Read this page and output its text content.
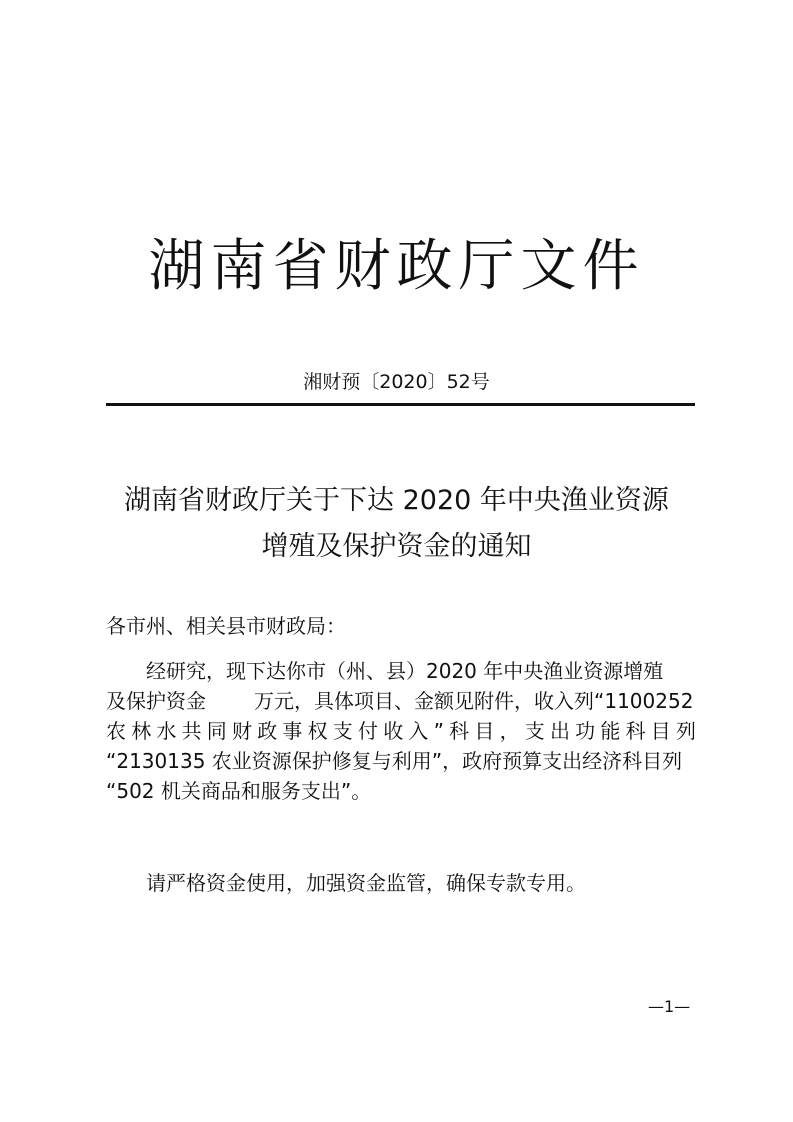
湖南省财政厅文件
湘财预〔2020〕52号
湖南省财政厅关于下达 2020 年中央渔业资源
增殖及保护资金的通知
各市州、相关县市财政局：
经研究，现下达你市（州、县）2020 年中央渔业资源增殖
及保护资金 万元，具体项目、金额见附件，收入列“1100252
农林水共同财政事权支付收入”科目，支出功能科目列
“2130135 农业资源保护修复与利用”，政府预算支出经济科目列
“502 机关商品和服务支出”。
请严格资金使用，加强资金监管，确保专款专用。
—1—
